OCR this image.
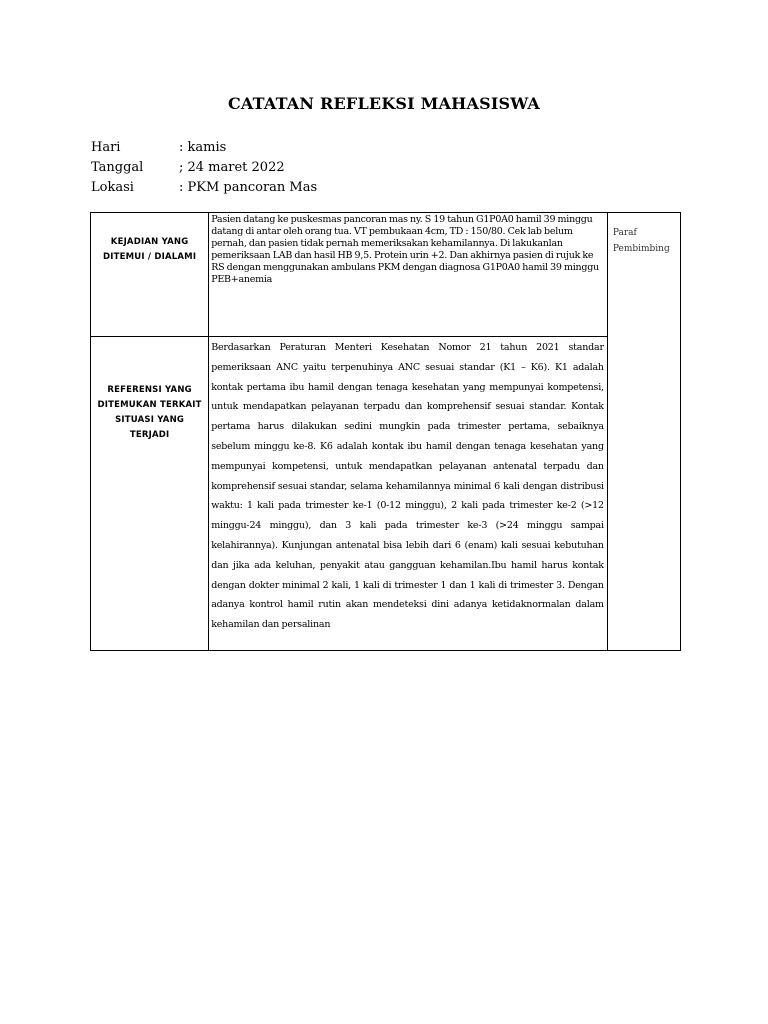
CATATAN REFLEKSI MAHASISWA
Hari	: kamis
Tanggal	; 24 maret 2022
Lokasi	: PKM pancoran Mas
KEJADIAN YANG DITEMUI / DIALAMI	Pasien datang ke puskesmas pancoran mas ny. S 19 tahun G1P0A0 hamil 39 minggu datang di antar oleh orang tua. VT pembukaan 4cm, TD : 150/80. Cek lab belum pernah, dan pasien tidak pernah memeriksakan kehamilannya. Di lakukanlan pemeriksaan LAB dan hasil HB 9,5. Protein urin +2. Dan akhirnya pasien di rujuk ke RS dengan menggunakan ambulans PKM dengan diagnosa G1P0A0 hamil 39 minggu PEB+anemia	Paraf Pembimbing

REFERENSI YANG DITEMUKAN TERKAIT SITUASI YANG TERJADI	Berdasarkan Peraturan Menteri Kesehatan Nomor 21 tahun 2021 standar pemeriksaan ANC yaitu terpenuhinya ANC sesuai standar (K1 – K6). K1 adalah kontak pertama ibu hamil dengan tenaga kesehatan yang mempunyai kompetensi, untuk mendapatkan pelayanan terpadu dan komprehensif sesuai standar. Kontak pertama harus dilakukan sedini mungkin pada trimester pertama, sebaiknya sebelum minggu ke-8. K6 adalah kontak ibu hamil dengan tenaga kesehatan yang mempunyai kompetensi, untuk mendapatkan pelayanan antenatal terpadu dan komprehensif sesuai standar, selama kehamilannya minimal 6 kali dengan distribusi waktu: 1 kali pada trimester ke-1 (0-12 minggu), 2 kali pada trimester ke-2 (>12 minggu-24 minggu), dan 3 kali pada trimester ke-3 (>24 minggu sampai kelahirannya). Kunjungan antenatal bisa lebih dari 6 (enam) kali sesuai kebutuhan dan jika ada keluhan, penyakit atau gangguan kehamilan.Ibu hamil harus kontak dengan dokter minimal 2 kali, 1 kali di trimester 1 dan 1 kali di trimester 3. Dengan adanya kontrol hamil rutin akan mendeteksi dini adanya ketidaknormalan dalam kehamilan dan persalinan	
